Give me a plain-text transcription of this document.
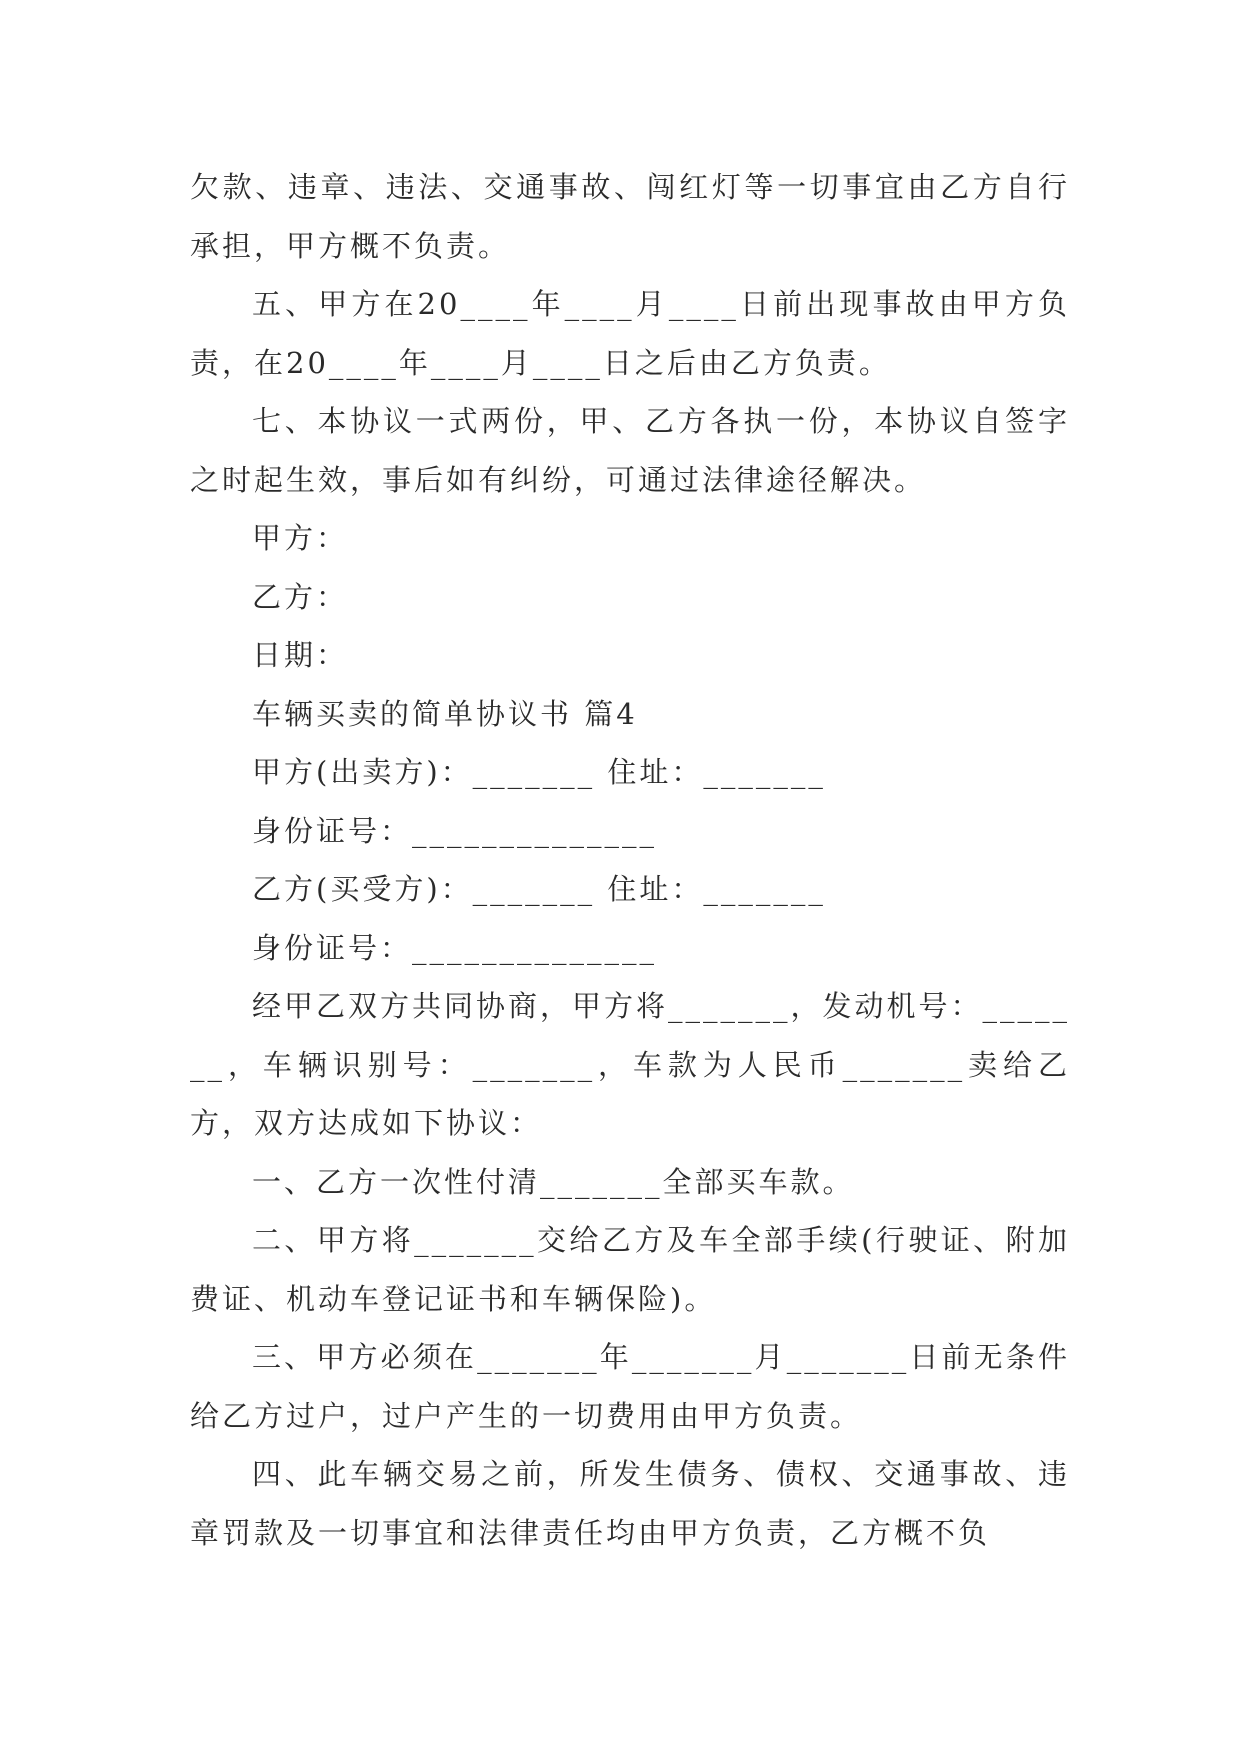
欠款、违章、违法、交通事故、闯红灯等一切事宜由乙方自行承担，甲方概不负责。

五、甲方在20____年____月____日前出现事故由甲方负责，在20____年____月____日之后由乙方负责。

七、本协议一式两份，甲、乙方各执一份，本协议自签字之时起生效，事后如有纠纷，可通过法律途径解决。

甲方：

乙方：

日期：

车辆买卖的简单协议书 篇4

甲方(出卖方)：_______ 住址：_______

身份证号：______________

乙方(买受方)：_______ 住址：_______

身份证号：______________

经甲乙双方共同协商，甲方将_______，发动机号：_______，车辆识别号：_______，车款为人民币_______卖给乙方，双方达成如下协议：

一、乙方一次性付清_______全部买车款。

二、甲方将_______交给乙方及车全部手续(行驶证、附加费证、机动车登记证书和车辆保险)。

三、甲方必须在_______年_______月_______日前无条件给乙方过户，过户产生的一切费用由甲方负责。

四、此车辆交易之前，所发生债务、债权、交通事故、违章罚款及一切事宜和法律责任均由甲方负责，乙方概不负
